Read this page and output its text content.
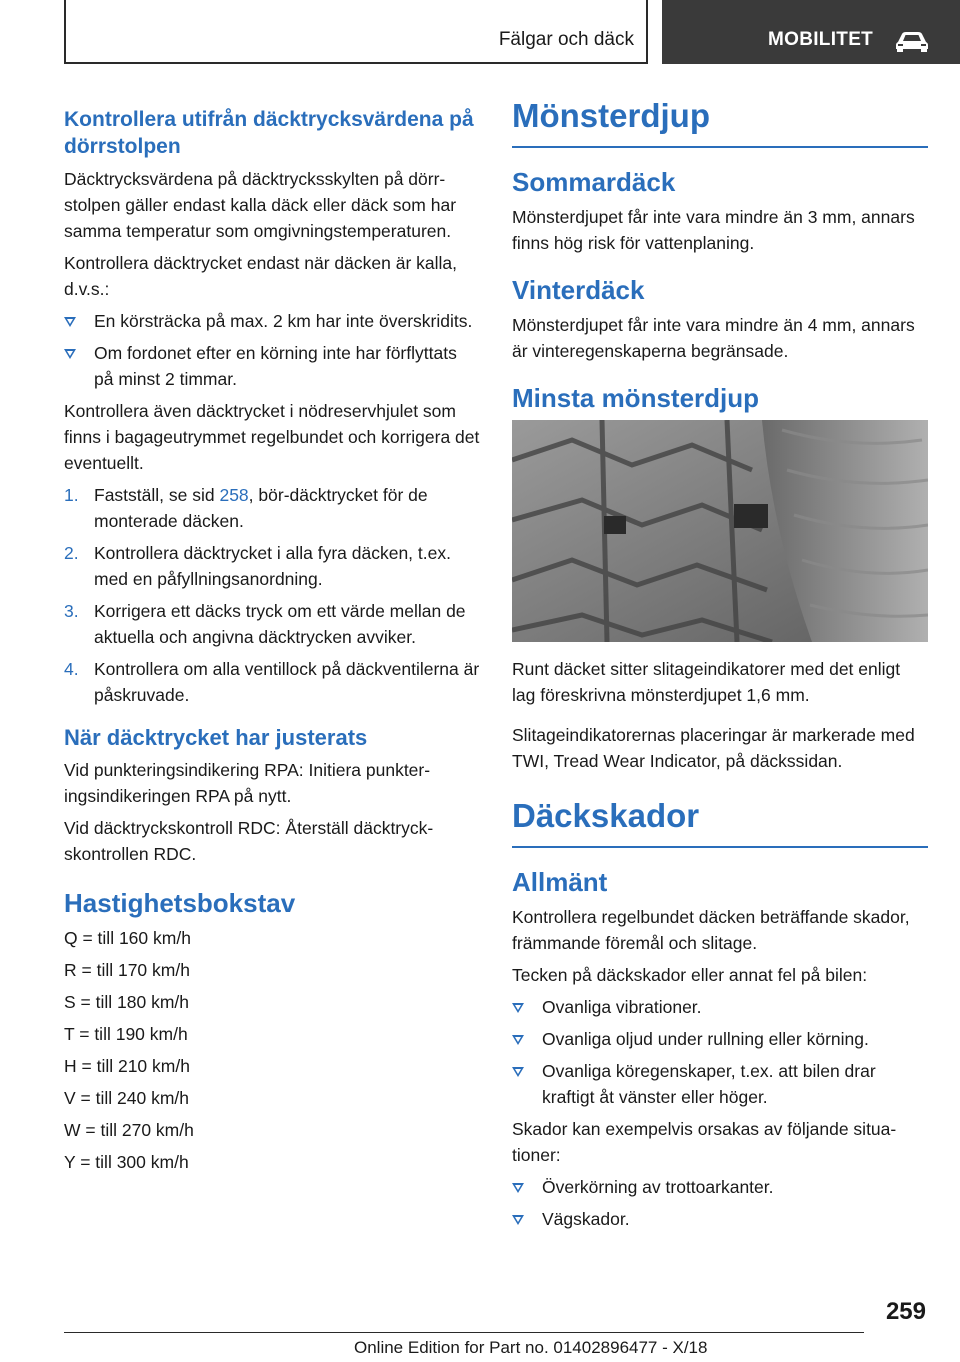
Fälgar och däck	MOBILITET
Kontrollera utifrån däcktrycksvärdena på dörrstolpen
Däcktrycksvärdena på däcktrycksskylten på dörrstolpen gäller endast kalla däck eller däck som har samma temperatur som omgivningstemperaturen.
Kontrollera däcktrycket endast när däcken är kalla, d.v.s.:
En körsträcka på max. 2 km har inte överskridits.
Om fordonet efter en körning inte har förflyttats på minst 2 timmar.
Kontrollera även däcktrycket i nödreservhjulet som finns i bagageutrymmet regelbundet och korrigera det eventuellt.
1. Fastställ, se sid 258, bör-däcktrycket för de monterade däcken.
2. Kontrollera däcktrycket i alla fyra däcken, t.ex. med en påfyllningsanordning.
3. Korrigera ett däcks tryck om ett värde mellan de aktuella och angivna däcktrycken avviker.
4. Kontrollera om alla ventillock på däckventilerna är påskruvade.
När däcktrycket har justerats
Vid punkteringsindikering RPA: Initiera punkteringsindikeringen RPA på nytt.
Vid däcktryckskontroll RDC: Återställ däcktryckskontrollen RDC.
Hastighetsbokstav
Q = till 160 km/h
R = till 170 km/h
S = till 180 km/h
T = till 190 km/h
H = till 210 km/h
V = till 240 km/h
W = till 270 km/h
Y = till 300 km/h
Mönsterdjup
Sommardäck
Mönsterdjupet får inte vara mindre än 3 mm, annars finns hög risk för vattenplaning.
Vinterdäck
Mönsterdjupet får inte vara mindre än 4 mm, annars är vinteregenskaperna begränsade.
Minsta mönsterdjup
Runt däcket sitter slitageindikatorer med det enligt lag föreskrivna mönsterdjupet 1,6 mm.
Slitageindikatorernas placeringar är markerade med TWI, Tread Wear Indicator, på däckssidan.
Däckskador
Allmänt
Kontrollera regelbundet däcken beträffande skador, främmande föremål och slitage.
Tecken på däckskador eller annat fel på bilen:
Ovanliga vibrationer.
Ovanliga oljud under rullning eller körning.
Ovanliga köregenskaper, t.ex. att bilen drar kraftigt åt vänster eller höger.
Skador kan exempelvis orsakas av följande situationer:
Överkörning av trottoarkanter.
Vägskador.
259
Online Edition for Part no. 01402896477 - X/18
